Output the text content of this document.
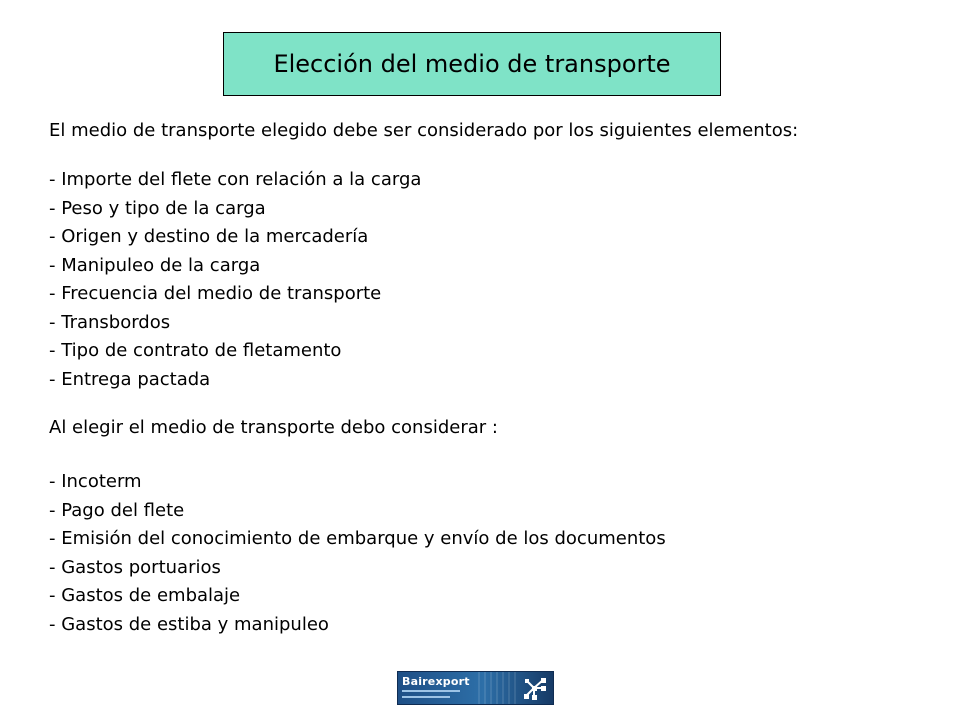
Elección del medio de transporte
El medio de transporte elegido debe ser considerado por los siguientes elementos:
- Importe del flete con relación a la carga
- Peso y tipo de la carga
- Origen y destino de la mercadería
- Manipuleo de la carga
- Frecuencia del medio de transporte
- Transbordos
- Tipo de contrato de fletamento
- Entrega pactada
Al elegir el medio de transporte debo considerar :
- Incoterm
- Pago del flete
- Emisión del conocimiento de embarque y envío de los documentos
- Gastos portuarios
- Gastos de embalaje
- Gastos de estiba y manipuleo
Bairexport
